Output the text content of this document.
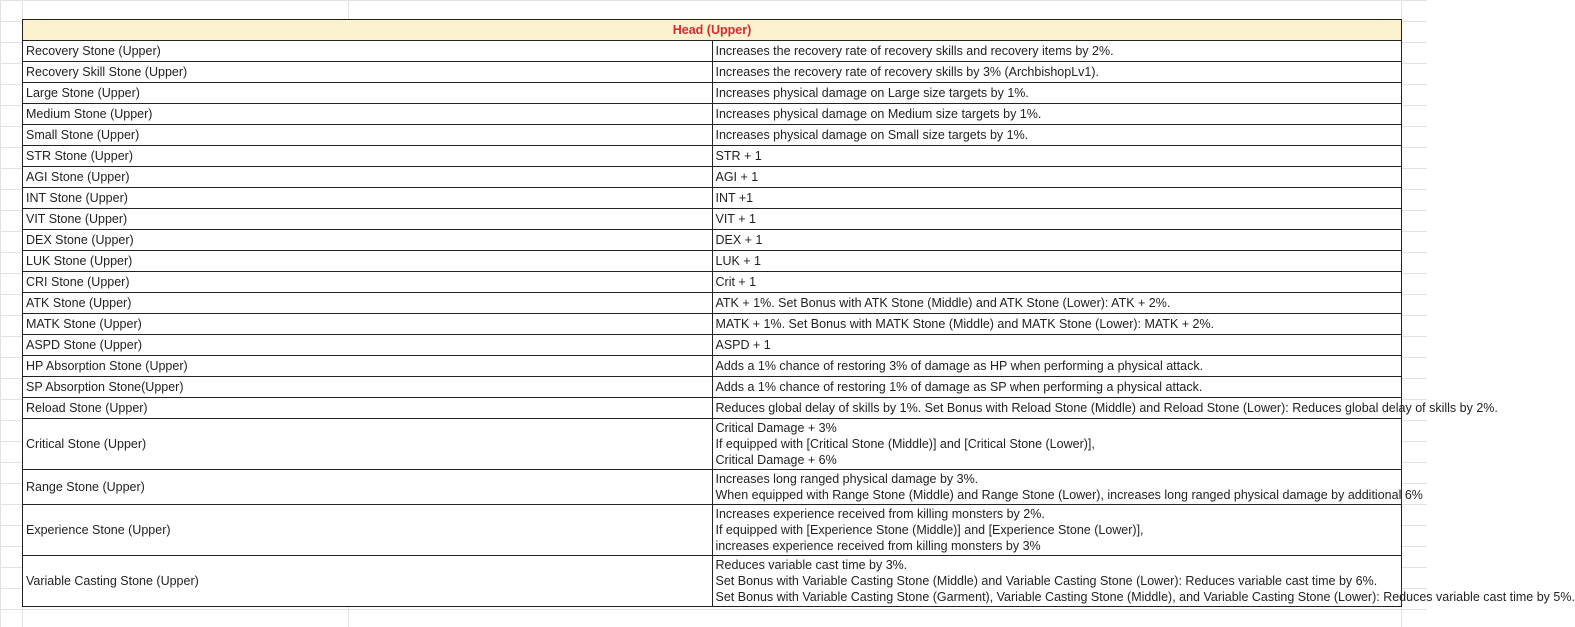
Head (Upper)	
Recovery Stone (Upper)	Increases the recovery rate of recovery skills and recovery items by 2%.

Recovery Skill Stone (Upper)	Increases the recovery rate of recovery skills by 3% (ArchbishopLv1).

Large Stone (Upper)	Increases physical damage on Large size targets by 1%.

Medium Stone (Upper)	Increases physical damage on Medium size targets by 1%.

Small Stone (Upper)	Increases physical damage on Small size targets by 1%.

STR Stone (Upper)	STR + 1

AGI Stone (Upper)	AGI + 1

INT Stone (Upper)	INT +1

VIT Stone (Upper)	VIT + 1

DEX Stone (Upper)	DEX + 1

LUK Stone (Upper)	LUK + 1

CRI Stone (Upper)	Crit + 1

ATK Stone (Upper)	ATK + 1%. Set Bonus with ATK Stone (Middle) and ATK Stone (Lower): ATK + 2%.

MATK Stone (Upper)	MATK + 1%. Set Bonus with MATK Stone (Middle) and MATK Stone (Lower): MATK + 2%.

ASPD Stone (Upper)	ASPD + 1

HP Absorption Stone (Upper)	Adds a 1% chance of restoring 3% of damage as HP when performing a physical attack.

SP Absorption Stone(Upper)	Adds a 1% chance of restoring 1% of damage as SP when performing a physical attack.

Reload Stone (Upper)	Reduces global delay of skills by 1%. Set Bonus with Reload Stone (Middle) and Reload Stone (Lower): Reduces global delay of skills by 2%.

Critical Stone (Upper)	Critical Damage + 3%
If equipped with [Critical Stone (Middle)] and [Critical Stone (Lower)],
Critical Damage + 6%

Range Stone (Upper)	Increases long ranged physical damage by 3%.
When equipped with Range Stone (Middle) and Range Stone (Lower), increases long ranged physical damage by additional 6%

Experience Stone (Upper)	Increases experience received from killing monsters by 2%.
If equipped with [Experience Stone (Middle)] and [Experience Stone (Lower)],
increases experience received from killing monsters by 3%

Variable Casting Stone (Upper)	Reduces variable cast time by 3%.
Set Bonus with Variable Casting Stone (Middle) and Variable Casting Stone (Lower): Reduces variable cast time by 6%.
Set Bonus with Variable Casting Stone (Garment), Variable Casting Stone (Middle), and Variable Casting Stone (Lower): Reduces variable cast time by 5%.
